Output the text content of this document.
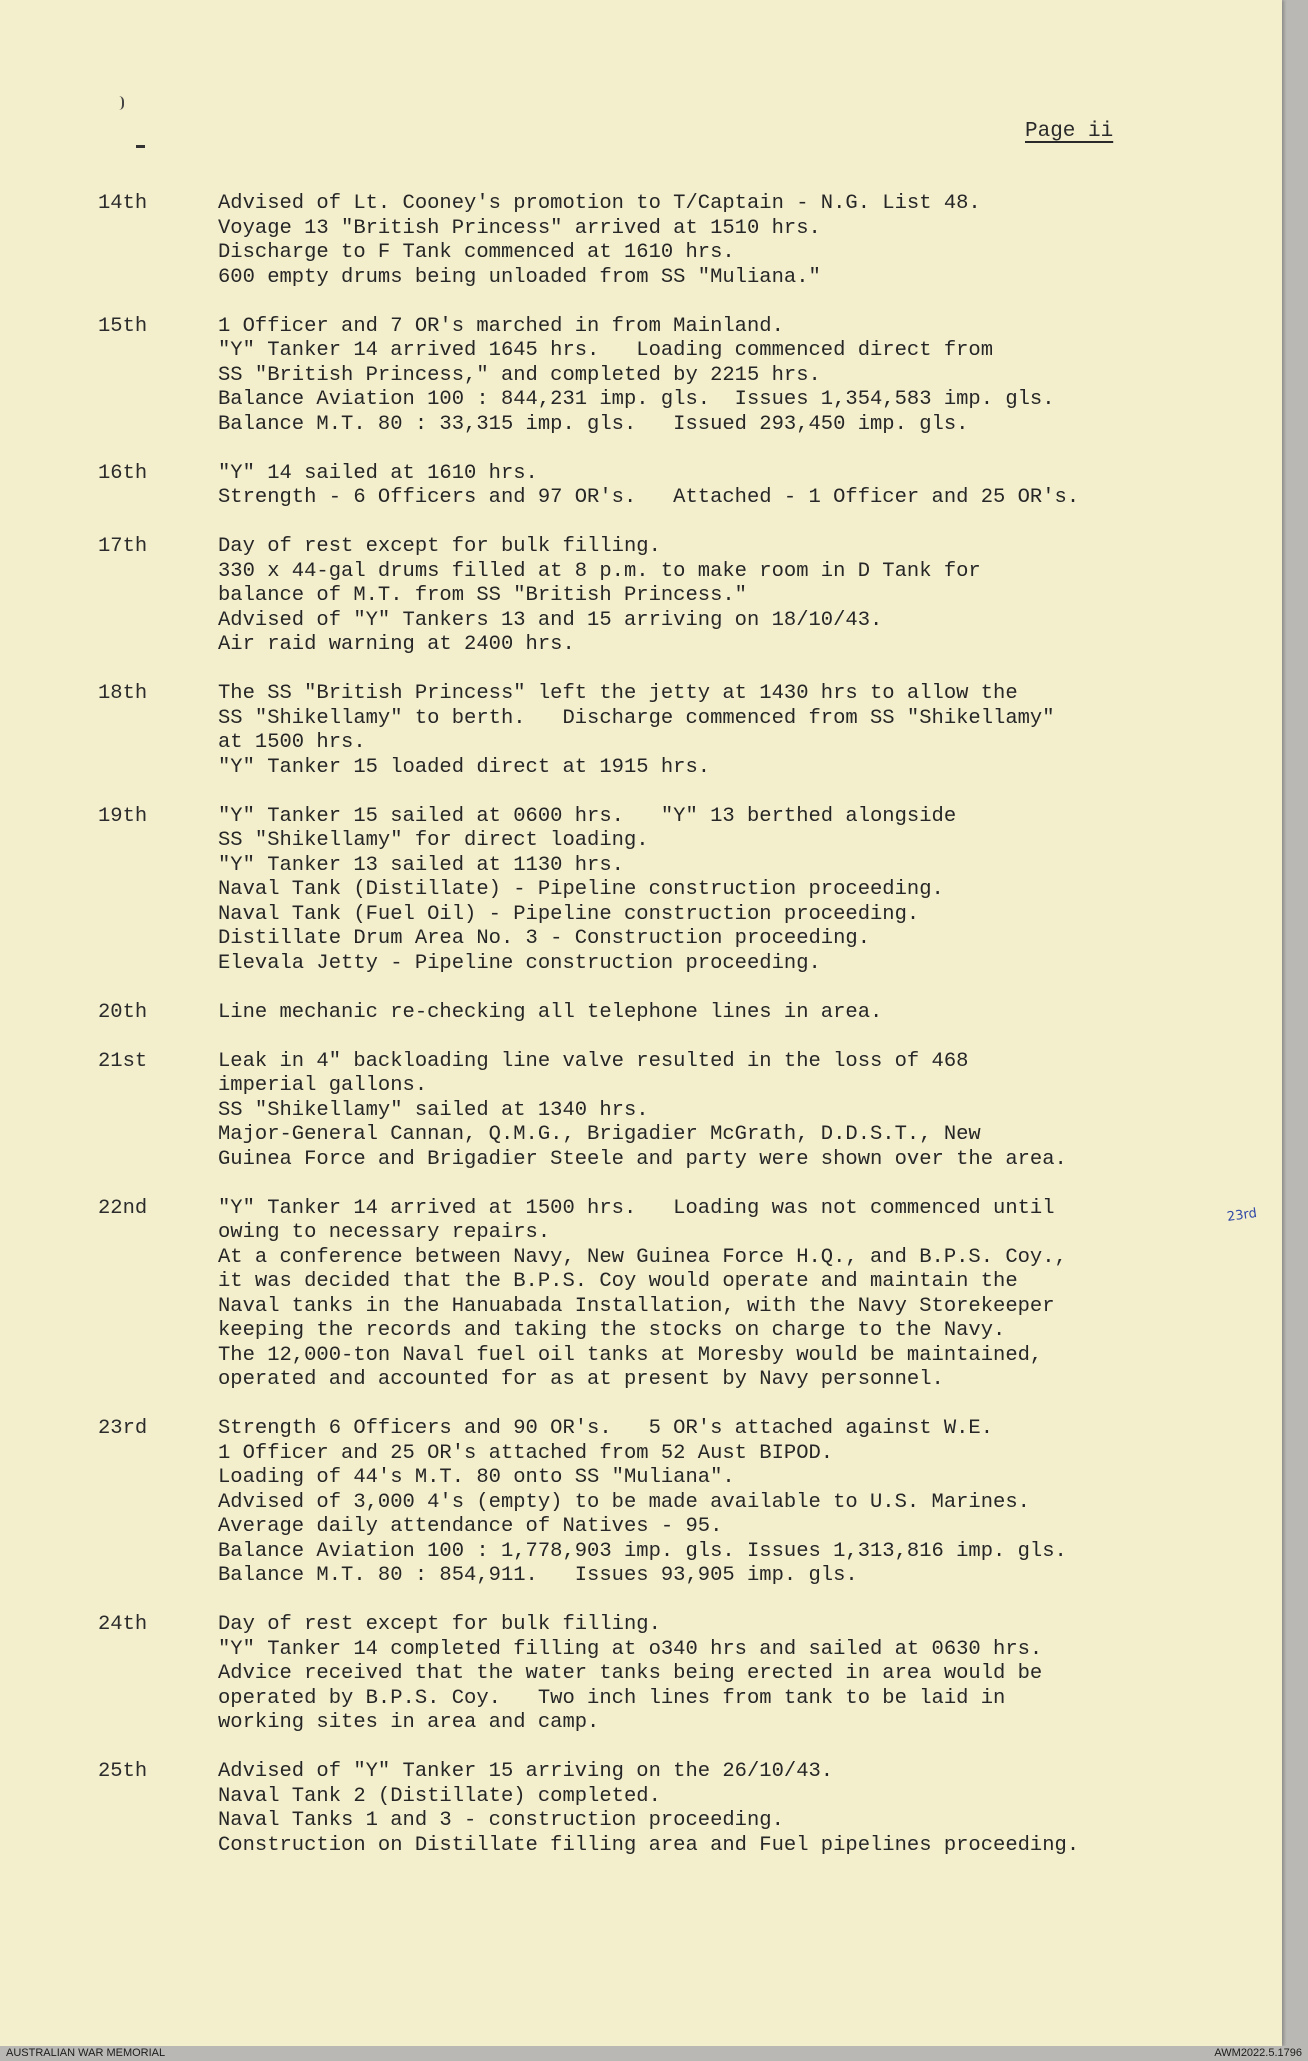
Page ii
14th	Advised of Lt. Cooney's promotion to T/Captain - N.G. List 48.
Voyage 13 "British Princess" arrived at 1510 hrs.
Discharge to F Tank commenced at 1610 hrs.
600 empty drums being unloaded from SS "Muliana."
15th	1 Officer and 7 OR's marched in from Mainland.
"Y" Tanker 14 arrived 1645 hrs.   Loading commenced direct from
SS "British Princess," and completed by 2215 hrs.
Balance Aviation 100 : 844,231 imp. gls.  Issues 1,354,583 imp. gls.
Balance M.T. 80 : 33,315 imp. gls.   Issued 293,450 imp. gls.
16th	"Y" 14 sailed at 1610 hrs.
Strength - 6 Officers and 97 OR's.   Attached - 1 Officer and 25 OR's.
17th	Day of rest except for bulk filling.
330 x 44-gal drums filled at 8 p.m. to make room in D Tank for
balance of M.T. from SS "British Princess."
Advised of "Y" Tankers 13 and 15 arriving on 18/10/43.
Air raid warning at 2400 hrs.
18th	The SS "British Princess" left the jetty at 1430 hrs to allow the
SS "Shikellamy" to berth.   Discharge commenced from SS "Shikellamy"
at 1500 hrs.
"Y" Tanker 15 loaded direct at 1915 hrs.
19th	"Y" Tanker 15 sailed at 0600 hrs.   "Y" 13 berthed alongside
SS "Shikellamy" for direct loading.
"Y" Tanker 13 sailed at 1130 hrs.
Naval Tank (Distillate) - Pipeline construction proceeding.
Naval Tank (Fuel Oil) - Pipeline construction proceeding.
Distillate Drum Area No. 3 - Construction proceeding.
Elevala Jetty - Pipeline construction proceeding.
20th	Line mechanic re-checking all telephone lines in area.
21st	Leak in 4" backloading line valve resulted in the loss of 468
imperial gallons.
SS "Shikellamy" sailed at 1340 hrs.
Major-General Cannan, Q.M.G., Brigadier McGrath, D.D.S.T., New
Guinea Force and Brigadier Steele and party were shown over the area.
22nd	"Y" Tanker 14 arrived at 1500 hrs.   Loading was not commenced until
owing to necessary repairs.
At a conference between Navy, New Guinea Force H.Q., and B.P.S. Coy.,
it was decided that the B.P.S. Coy would operate and maintain the
Naval tanks in the Hanuabada Installation, with the Navy Storekeeper
keeping the records and taking the stocks on charge to the Navy.
The 12,000-ton Naval fuel oil tanks at Moresby would be maintained,
operated and accounted for as at present by Navy personnel.
23rd	Strength 6 Officers and 90 OR's.   5 OR's attached against W.E.
1 Officer and 25 OR's attached from 52 Aust BIPOD.
Loading of 44's M.T. 80 onto SS "Muliana".
Advised of 3,000 4's (empty) to be made available to U.S. Marines.
Average daily attendance of Natives - 95.
Balance Aviation 100 : 1,778,903 imp. gls. Issues 1,313,816 imp. gls.
Balance M.T. 80 : 854,911.   Issues 93,905 imp. gls.
24th	Day of rest except for bulk filling.
"Y" Tanker 14 completed filling at o340 hrs and sailed at 0630 hrs.
Advice received that the water tanks being erected in area would be
operated by B.P.S. Coy.   Two inch lines from tank to be laid in
working sites in area and camp.
25th	Advised of "Y" Tanker 15 arriving on the 26/10/43.
Naval Tank 2 (Distillate) completed.
Naval Tanks 1 and 3 - construction proceeding.
Construction on Distillate filling area and Fuel pipelines proceeding.
23rd
AUSTRALIAN WAR MEMORIAL	AWM2022.5.1796
